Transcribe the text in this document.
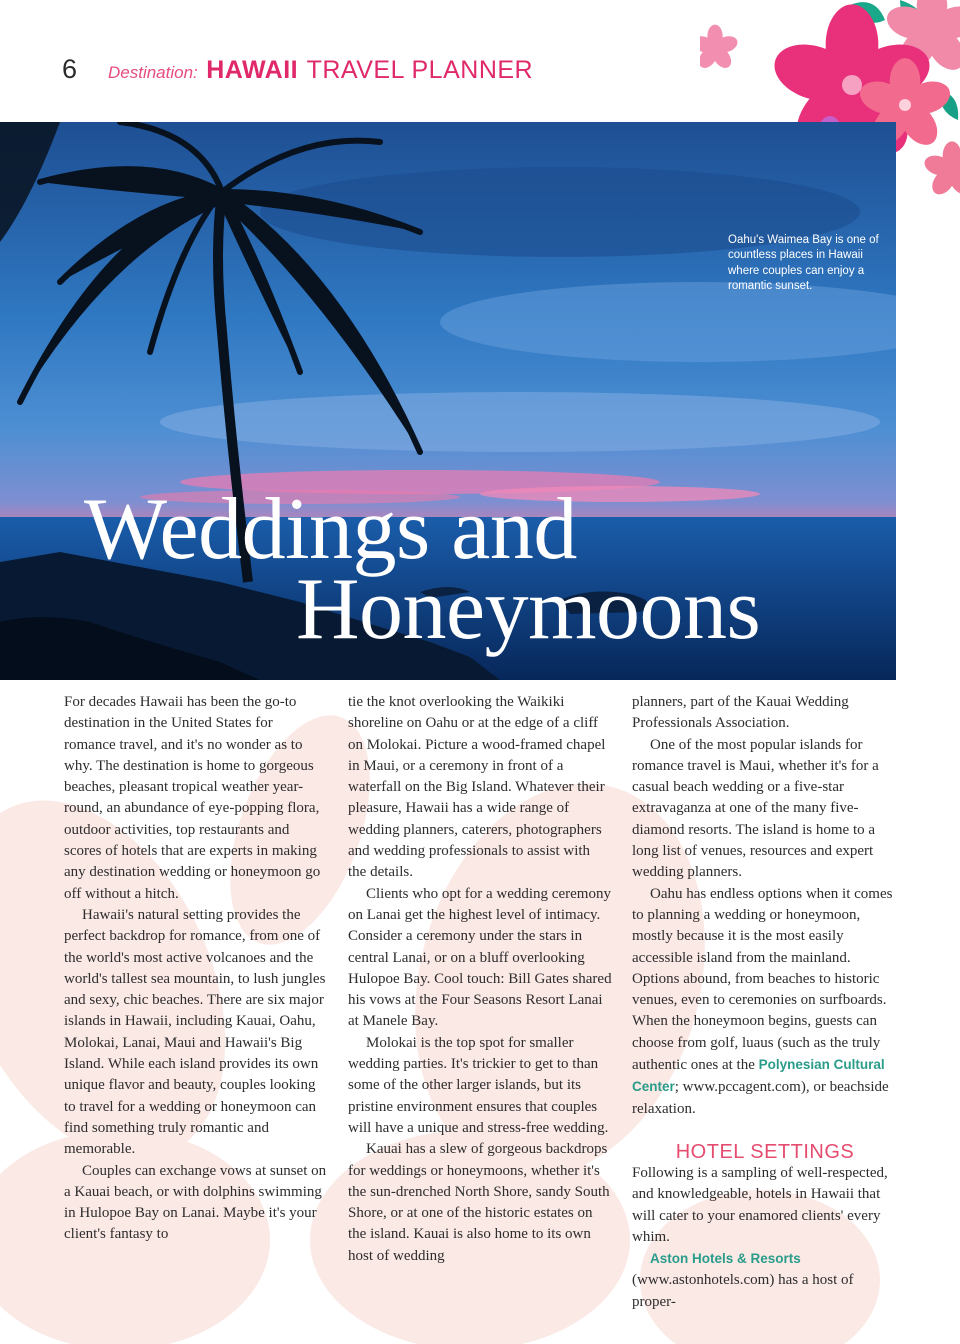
6 Destination: HAWAII TRAVEL PLANNER
Oahu's Waimea Bay is one of countless places in Hawaii where couples can enjoy a romantic sunset.
Weddings and
Honeymoons

For decades Hawaii has been the go-to destination in the United States for romance travel, and it's no wonder as to why. The destination is home to gorgeous beaches, pleasant tropical weather year-round, an abundance of eye-popping flora, outdoor activities, top restaurants and scores of hotels that are experts in making any destination wedding or honeymoon go off without a hitch.

Hawaii's natural setting provides the perfect backdrop for romance, from one of the world's most active volcanoes and the world's tallest sea mountain, to lush jungles and sexy, chic beaches. There are six major islands in Hawaii, including Kauai, Oahu, Molokai, Lanai, Maui and Hawaii's Big Island. While each island provides its own unique flavor and beauty, couples looking to travel for a wedding or honeymoon can find something truly romantic and memorable.

Couples can exchange vows at sunset on a Kauai beach, or with dolphins swimming in Hulopoe Bay on Lanai. Maybe it's your client's fantasy to

tie the knot overlooking the Waikiki shoreline on Oahu or at the edge of a cliff on Molokai. Picture a wood-framed chapel in Maui, or a ceremony in front of a waterfall on the Big Island. Whatever their pleasure, Hawaii has a wide range of wedding planners, caterers, photographers and wedding professionals to assist with the details.

Clients who opt for a wedding ceremony on Lanai get the highest level of intimacy. Consider a ceremony under the stars in central Lanai, or on a bluff overlooking Hulopoe Bay. Cool touch: Bill Gates shared his vows at the Four Seasons Resort Lanai at Manele Bay.

Molokai is the top spot for smaller wedding parties. It's trickier to get to than some of the other larger islands, but its pristine environment ensures that couples will have a unique and stress-free wedding.

Kauai has a slew of gorgeous backdrops for weddings or honeymoons, whether it's the sun-drenched North Shore, sandy South Shore, or at one of the historic estates on the island. Kauai is also home to its own host of wedding

planners, part of the Kauai Wedding Professionals Association.

One of the most popular islands for romance travel is Maui, whether it's for a casual beach wedding or a five-star extravaganza at one of the many five-diamond resorts. The island is home to a long list of venues, resources and expert wedding planners.

Oahu has endless options when it comes to planning a wedding or honeymoon, mostly because it is the most easily accessible island from the mainland. Options abound, from beaches to historic venues, even to ceremonies on surfboards. When the honeymoon begins, guests can choose from golf, luaus (such as the truly authentic ones at the Polynesian Cultural Center; www.pccagent.com), or beachside relaxation.

HOTEL SETTINGS

Following is a sampling of well-respected, and knowledgeable, hotels in Hawaii that will cater to your enamored clients' every whim.

Aston Hotels & Resorts (www.astonhotels.com) has a host of proper-
